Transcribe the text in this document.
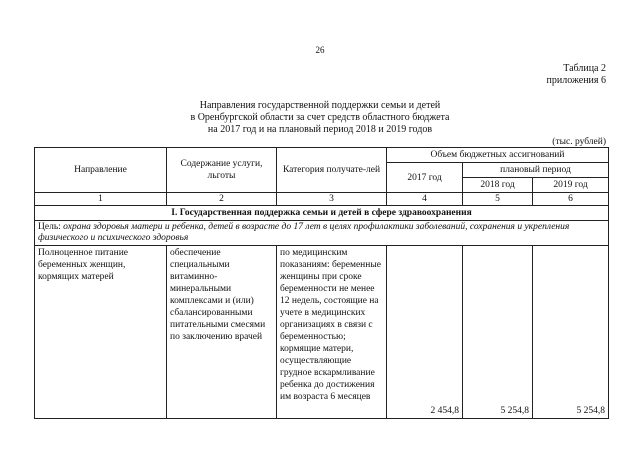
26
Таблица 2
приложения 6
Направления государственной поддержки семьи и детей
в Оренбургской области за счет средств областного бюджета
на 2017 год и на плановый период 2018 и 2019 годов
(тыс. рублей)
Направление	Содержание услуги, льготы	Категория получате-лей	Объем бюджетных ассигнований		
			2017 год	плановый период	
				2018 год	2019 год
1	2	3	4	5	6
I. Государственная поддержка семьи и детей в сфере здравоохранения					
Цель: охрана здоровья матери и ребенка, детей в возрасте до 17 лет в целях профилактики заболеваний, сохранения и укрепления физического и психического здоровья					
Полноценное питание беременных женщин, кормящих матерей	обеспечение специальными витаминно-минеральными комплексами и (или) сбалансированными питательными смесями по заключению врачей	по медицинским показаниям: беременные женщины при сроке беременности не менее 12 недель, состоящие на учете в медицинских организациях в связи с беременностью; кормящие матери, осуществляющие грудное вскармливание ребенка до достижения им возраста 6 месяцев	2 454,8	5 254,8	5 254,8
